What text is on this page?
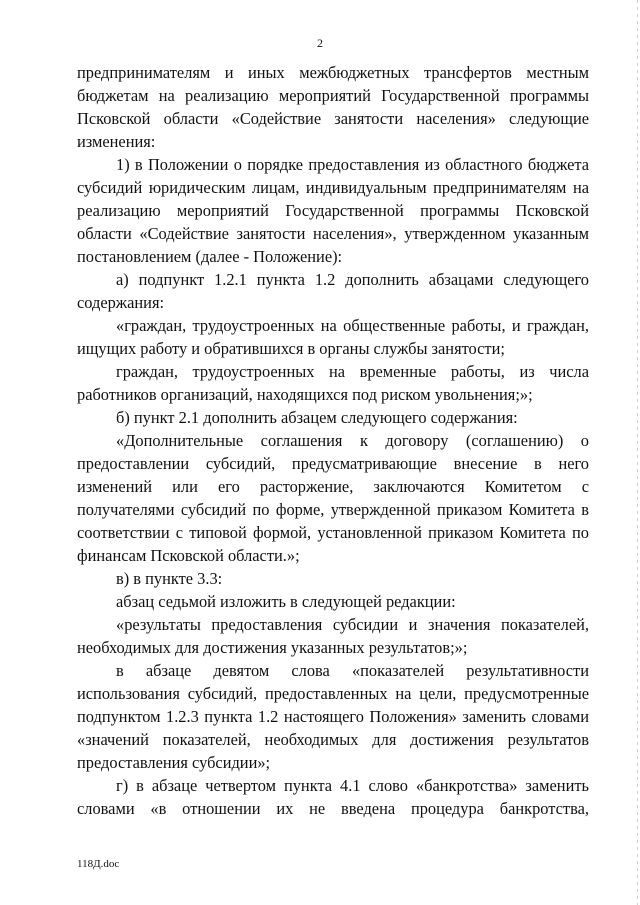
2

предпринимателям и иных межбюджетных трансфертов местным бюджетам на реализацию мероприятий Государственной программы Псковской области «Содействие занятости населения» следующие изменения:

1) в Положении о порядке предоставления из областного бюджета субсидий юридическим лицам, индивидуальным предпринимателям на реализацию мероприятий Государственной программы Псковской области «Содействие занятости населения», утвержденном указанным постановлением (далее - Положение):

а) подпункт 1.2.1 пункта 1.2 дополнить абзацами следующего содержания:

«граждан, трудоустроенных на общественные работы, и граждан, ищущих работу и обратившихся в органы службы занятости;

граждан, трудоустроенных на временные работы, из числа работников организаций, находящихся под риском увольнения;»;

б) пункт 2.1 дополнить абзацем следующего содержания:

«Дополнительные соглашения к договору (соглашению) о предоставлении субсидий, предусматривающие внесение в него изменений или его расторжение, заключаются Комитетом с получателями субсидий по форме, утвержденной приказом Комитета в соответствии с типовой формой, установленной приказом Комитета по финансам Псковской области.»;

в) в пункте 3.3:

абзац седьмой изложить в следующей редакции:

«результаты предоставления субсидии и значения показателей, необходимых для достижения указанных результатов;»;

в абзаце девятом слова «показателей результативности использования субсидий, предоставленных на цели, предусмотренные подпунктом 1.2.3 пункта 1.2 настоящего Положения» заменить словами «значений показателей, необходимых для достижения результатов предоставления субсидии»;

г) в абзаце четвертом пункта 4.1 слово «банкротства» заменить словами «в отношении их не введена процедура банкротства,

118Д.doc
